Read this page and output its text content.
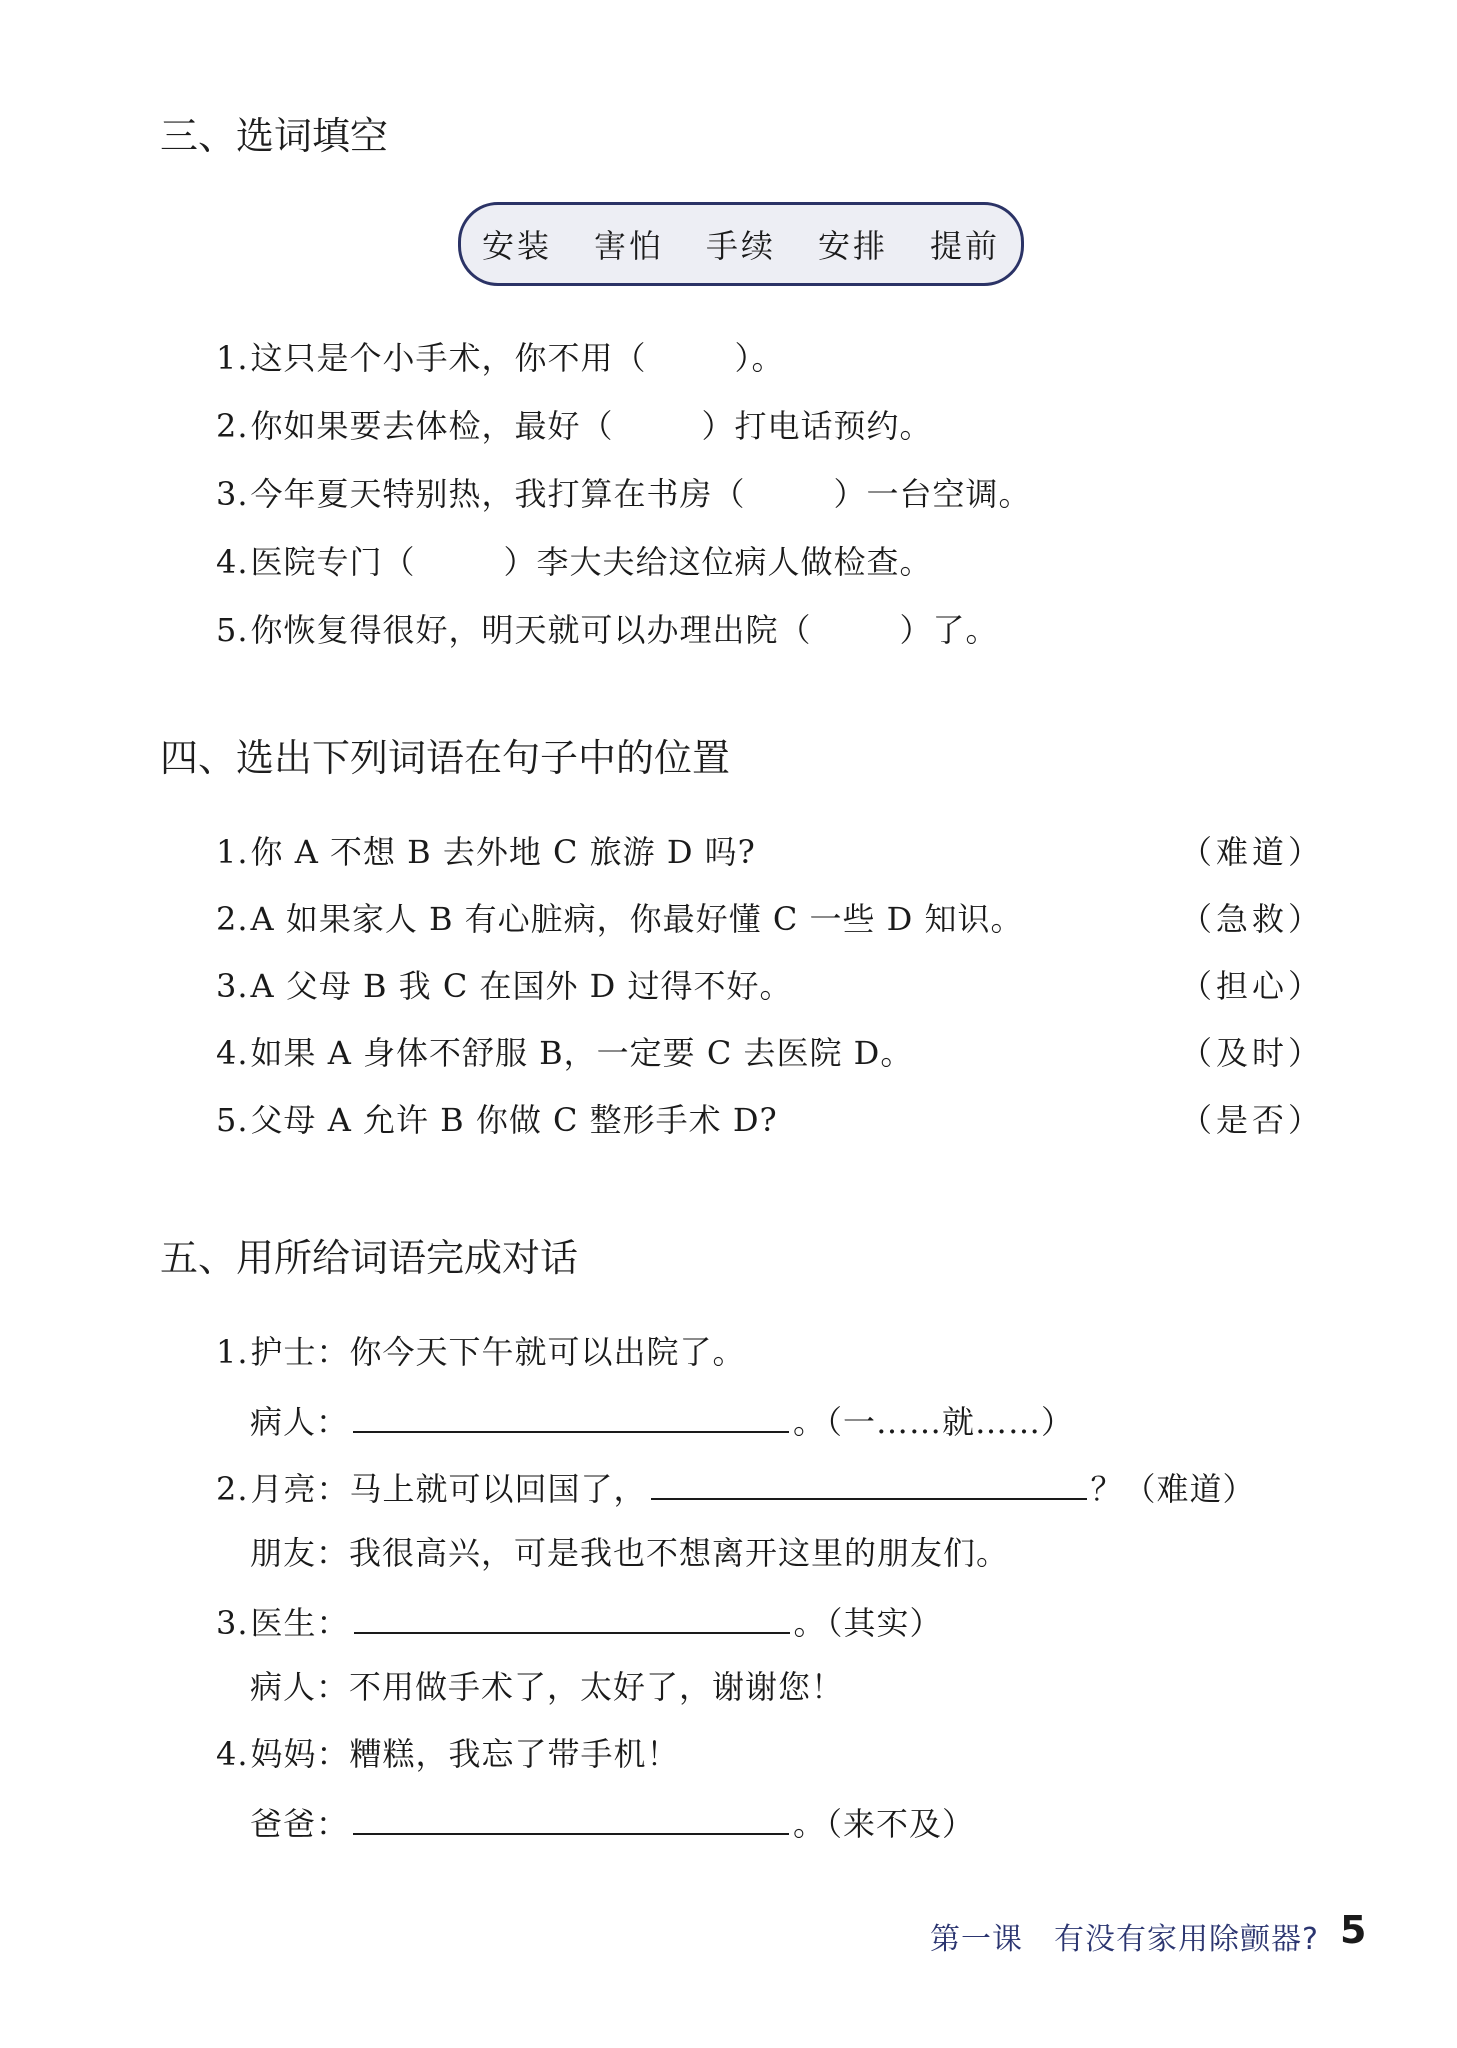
三、选词填空
安装 害怕 手续 安排 提前
1.这只是个小手术，你不用（	）。
2.你如果要去体检，最好（	）打电话预约。
3.今年夏天特别热，我打算在书房（	）一台空调。
4.医院专门（	）李大夫给这位病人做检查。
5.你恢复得很好，明天就可以办理出院（	）了。
四、选出下列词语在句子中的位置
1.你 A 不想 B 去外地 C 旅游 D 吗?	（难道）
2.A 如果家人 B 有心脏病，你最好懂 C 一些 D 知识。	（急救）
3.A 父母 B 我 C 在国外 D 过得不好。	（担心）
4.如果 A 身体不舒服 B，一定要 C 去医院 D。	（及时）
5.父母 A 允许 B 你做 C 整形手术 D?	（是否）
五、用所给词语完成对话
1.护士：你今天下午就可以出院了。
病人：	。（一……就……）
2.月亮：马上就可以回国了，	？（难道）
朋友：我很高兴，可是我也不想离开这里的朋友们。
3.医生：	。（其实）
病人：不用做手术了，太好了，谢谢您！
4.妈妈：糟糕，我忘了带手机！
爸爸：	。（来不及）
第一课　有没有家用除颤器? 5
